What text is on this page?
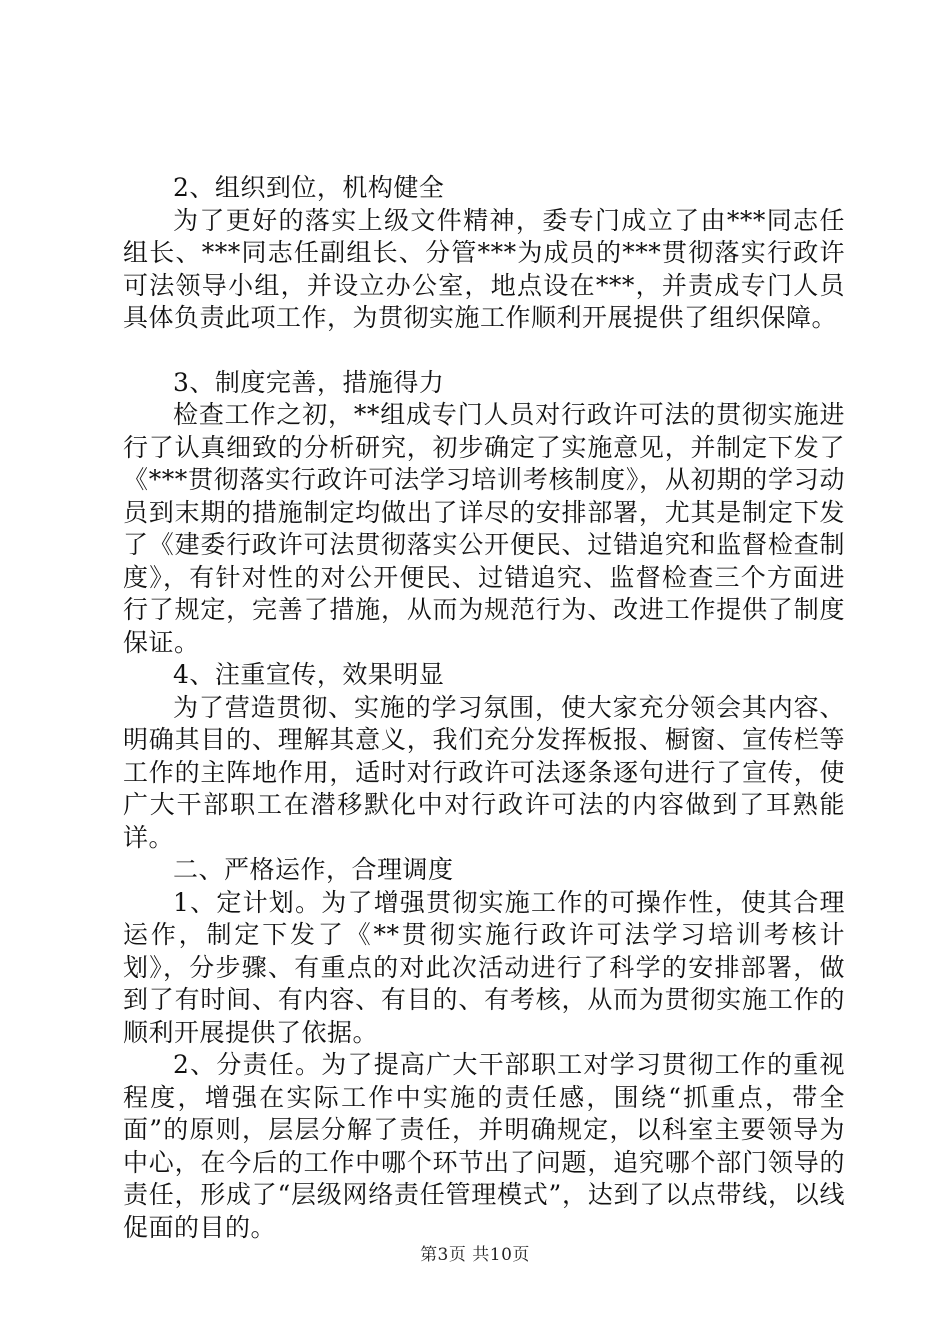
2、组织到位，机构健全

为了更好的落实上级文件精神，委专门成立了由***同志任组长、***同志任副组长、分管***为成员的***贯彻落实行政许可法领导小组，并设立办公室，地点设在***，并责成专门人员具体负责此项工作，为贯彻实施工作顺利开展提供了组织保障。

3、制度完善，措施得力

检查工作之初，**组成专门人员对行政许可法的贯彻实施进行了认真细致的分析研究，初步确定了实施意见，并制定下发了《***贯彻落实行政许可法学习培训考核制度》，从初期的学习动员到末期的措施制定均做出了详尽的安排部署，尤其是制定下发了《建委行政许可法贯彻落实公开便民、过错追究和监督检查制度》，有针对性的对公开便民、过错追究、监督检查三个方面进行了规定，完善了措施，从而为规范行为、改进工作提供了制度保证。

4、注重宣传，效果明显

为了营造贯彻、实施的学习氛围，使大家充分领会其内容、明确其目的、理解其意义，我们充分发挥板报、橱窗、宣传栏等工作的主阵地作用，适时对行政许可法逐条逐句进行了宣传，使广大干部职工在潜移默化中对行政许可法的内容做到了耳熟能详。

二、严格运作，合理调度

1、定计划。为了增强贯彻实施工作的可操作性，使其合理运作，制定下发了《**贯彻实施行政许可法学习培训考核计划》，分步骤、有重点的对此次活动进行了科学的安排部署，做到了有时间、有内容、有目的、有考核，从而为贯彻实施工作的顺利开展提供了依据。

2、分责任。为了提高广大干部职工对学习贯彻工作的重视程度，增强在实际工作中实施的责任感，围绕“抓重点，带全面”的原则，层层分解了责任，并明确规定，以科室主要领导为中心，在今后的工作中哪个环节出了问题，追究哪个部门领导的责任，形成了“层级网络责任管理模式”，达到了以点带线，以线促面的目的。

第3页 共10页
